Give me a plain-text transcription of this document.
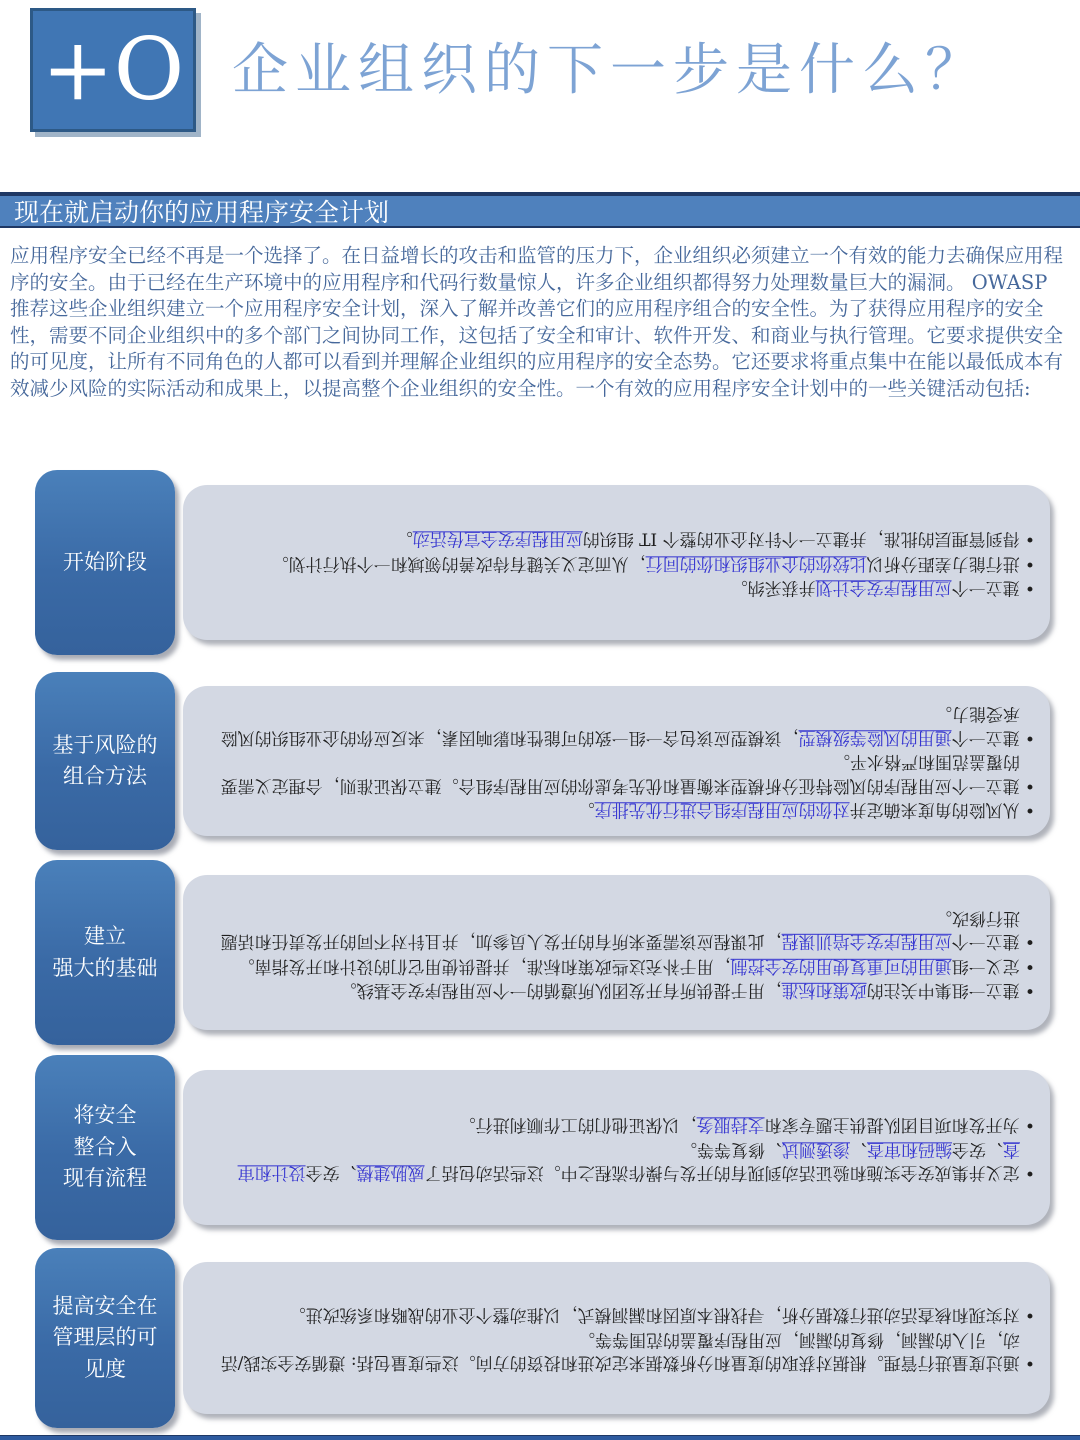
+O 企业组织的下一步是什么？
现在就启动你的应用程序安全计划
应用程序安全已经不再是一个选择了。在日益增长的攻击和监管的压力下，企业组织必须建立一个有效的能力去确保应用程序的安全。由于已经在生产环境中的应用程序和代码行数量惊人，许多企业组织都得努力处理数量巨大的漏洞。 OWASP 推荐这些企业组织建立一个应用程序安全计划，深入了解并改善它们的应用程序组合的安全性。为了获得应用程序的安全性，需要不同企业组织中的多个部门之间协同工作，这包括了安全和审计、软件开发、和商业与执行管理。它要求提供安全的可见度，让所有不同角色的人都可以看到并理解企业组织的应用程序的安全态势。它还要求将重点集中在能以最低成本有效减少风险的实际活动和成果上，以提高整个企业组织的安全性。一个有效的应用程序安全计划中的一些关键活动包括:
开始阶段
• 建立一个应用程序安全计划并获采纳。
• 进行能力差距分析以比较你的企业组织和你的同行，从而定义关键有待改善的领域和一个执行计划。
• 得到管理层的批准，并建立一个针对企业的整个 IT 组织的应用程序安全宣传活动。
基于风险的
组合方法
• 从风险的角度来确定并对你的应用程序组合进行优先排序。
• 建立一个应用程序的风险特征分析模型来衡量和优先考虑你的应用程序组合。建立保证准则，合理定义需要的覆盖范围和严格水平。
• 建立一个通用的风险等级模型，该模型应该包含一组一致的可能性和影响因素，来反应你的企业组织的风险承受能力。
建立
强大的基础
• 建立一组集中关注的政策和标准，用于提供所有开发团队所遵循的一个应用程序安全基线。
• 定义一组通用的可重复使用的安全控制，用于补充这些政策和标准，并提供使用它们的设计和开发指南。
• 建立一个应用程序安全培训课程，此课程应该需要来所有的开发人员参加，并且针对不同的开发责任和话题进行修改。
将安全
整合入
现有流程	• 定义并集成安全实施和验证活动到现有的开发与操作流程之中。这些活动包括了威胁建模、安全设计和审查、安全编码和审查、渗透测试、修复等等。
• 为开发和项目团队提供主题专家和支持服务，以保证他们的工作顺利进行。
提高安全在
管理层的可
见度	• 通过度量进行管理。根据对获取的度量和分析数据来定改进和投资的方向。这些度量包括: 遵循安全实践/活动，引入的漏洞，修复的漏洞，应用程序覆盖的范围等等。
• 对实现和核查活动进行数据分析，寻找根本原因和漏洞模式，以推动整个企业的战略和系统改进。
